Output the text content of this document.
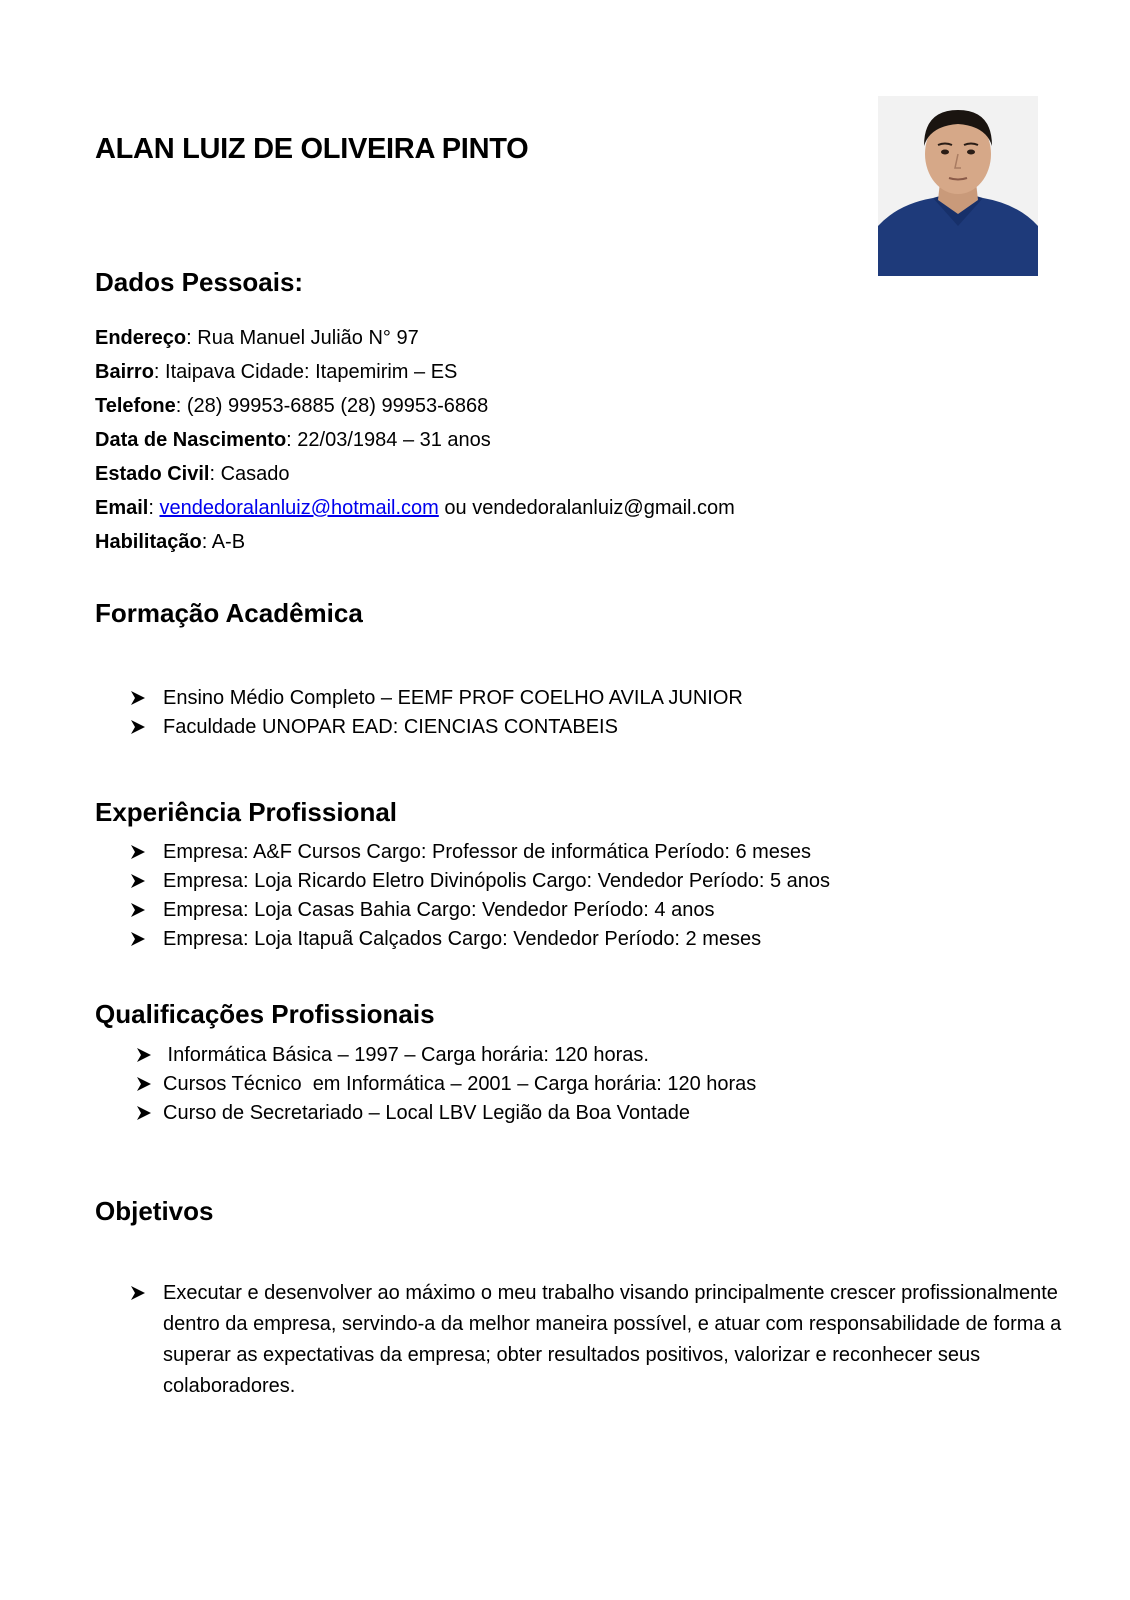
ALAN LUIZ DE OLIVEIRA PINTO
Dados Pessoais:
Endereço: Rua Manuel Julião N° 97
Bairro: Itaipava Cidade: Itapemirim – ES
Telefone: (28) 99953-6885 (28) 99953-6868
Data de Nascimento: 22/03/1984 – 31 anos
Estado Civil: Casado
Email: vendedoralanluiz@hotmail.com ou vendedoralanluiz@gmail.com
Habilitação: A-B
Formação Acadêmica
Ensino Médio Completo – EEMF PROF COELHO AVILA JUNIOR
Faculdade UNOPAR EAD: CIENCIAS CONTABEIS
Experiência Profissional
Empresa: A&F Cursos Cargo: Professor de informática Período: 6 meses
Empresa: Loja Ricardo Eletro Divinópolis Cargo: Vendedor Período: 5 anos
Empresa: Loja Casas Bahia Cargo: Vendedor Período: 4 anos
Empresa: Loja Itapuã Calçados Cargo: Vendedor Período: 2 meses
Qualificações Profissionais
Informática Básica – 1997 – Carga horária: 120 horas.
Cursos Técnico  em Informática – 2001 – Carga horária: 120 horas
Curso de Secretariado – Local LBV Legião da Boa Vontade
Objetivos
Executar e desenvolver ao máximo o meu trabalho visando principalmente crescer profissionalmente dentro da empresa, servindo-a da melhor maneira possível, e atuar com responsabilidade de forma a superar as expectativas da empresa; obter resultados positivos, valorizar e reconhecer seus colaboradores.
